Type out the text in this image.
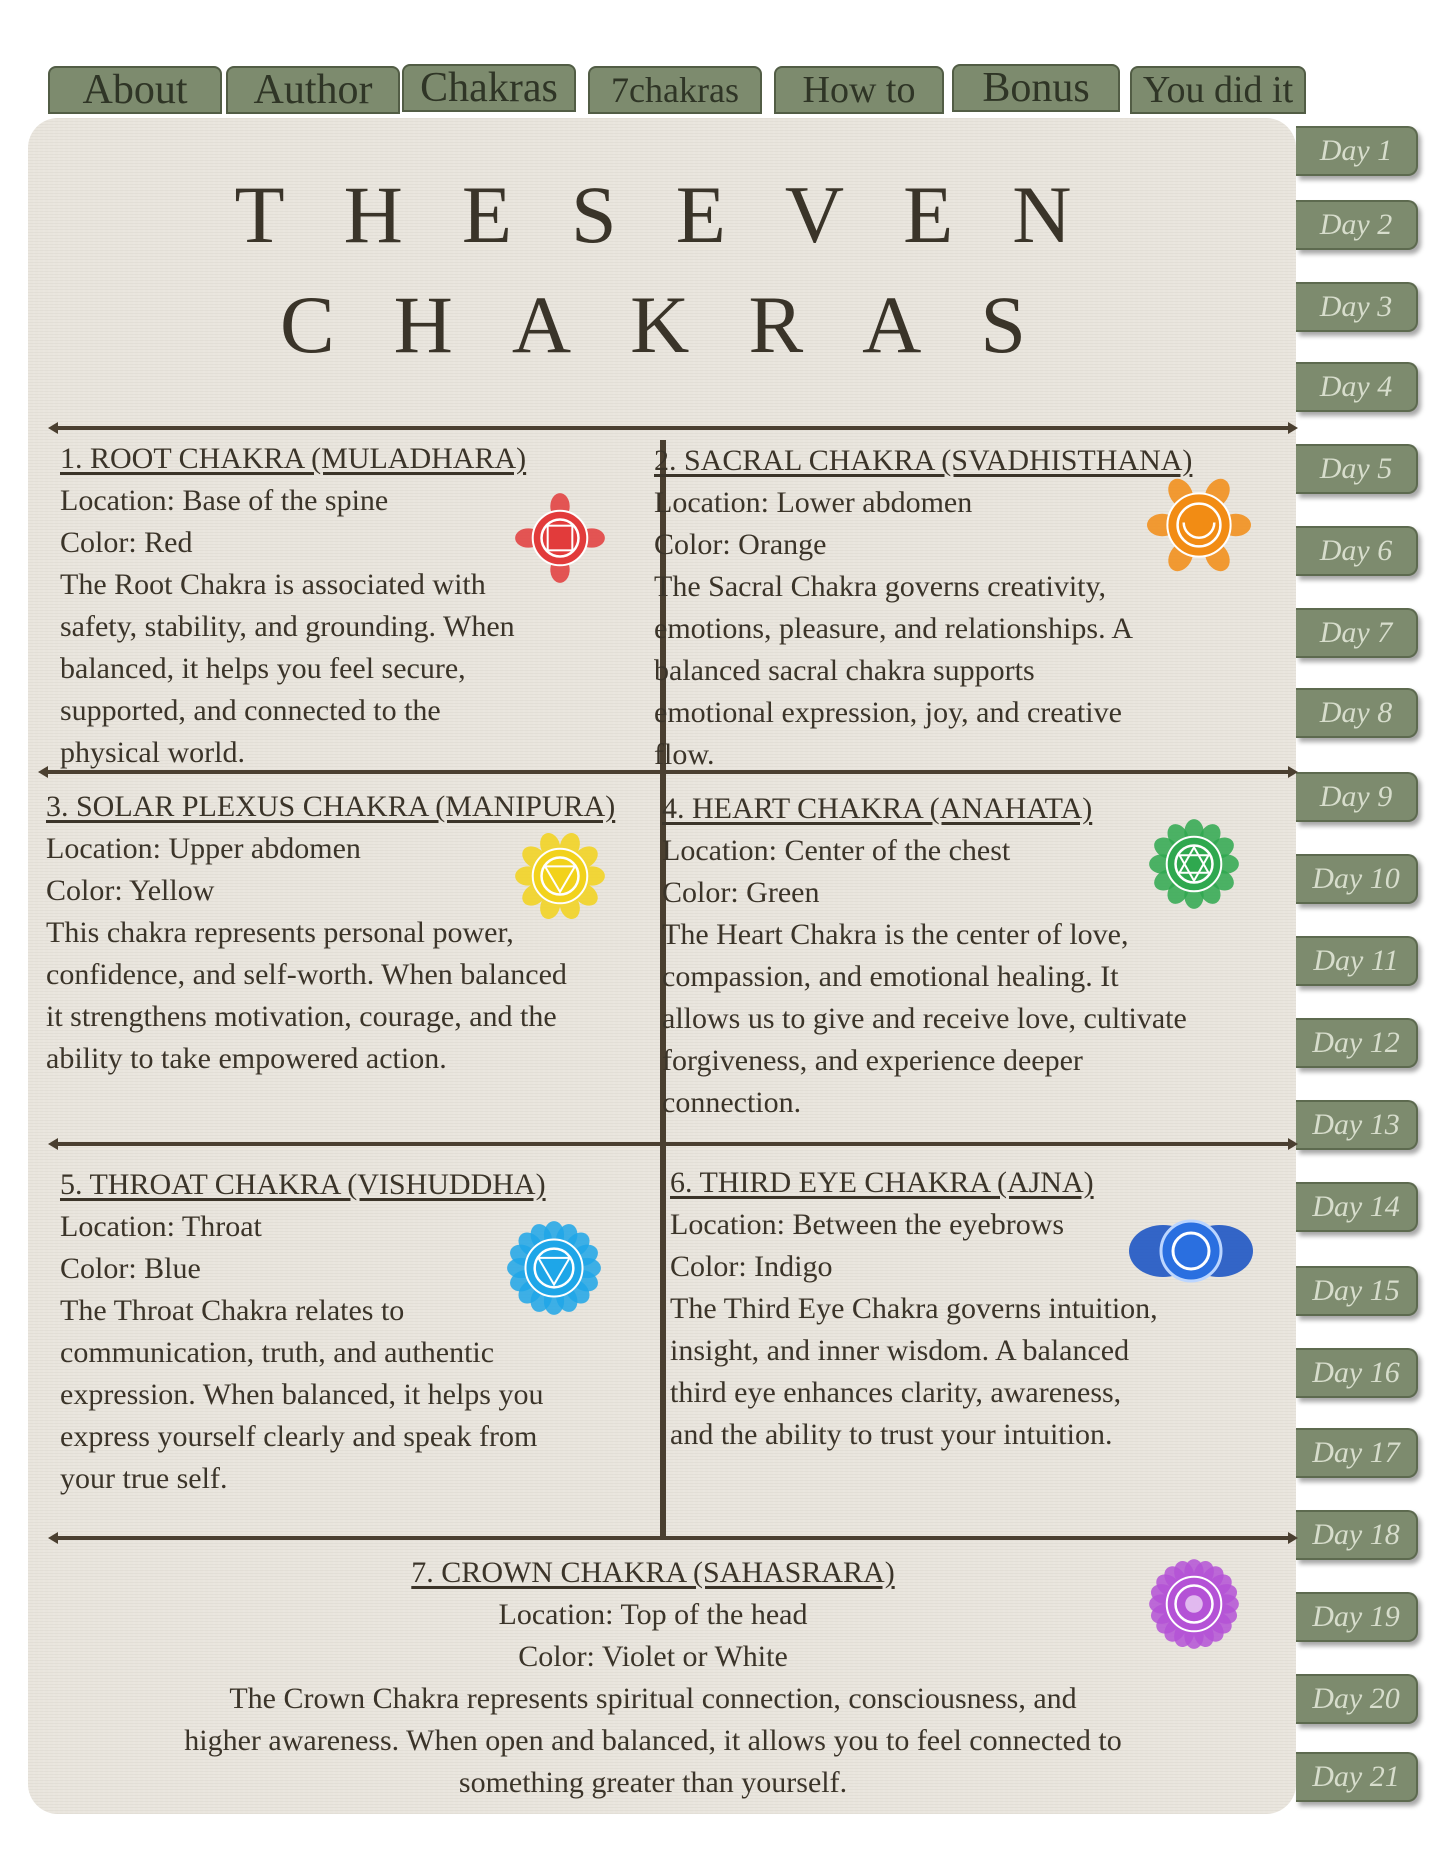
About	Author	Chakras	7chakras	How to	Bonus	You did it
Day 1
Day 2
Day 3
Day 4
Day 5
Day 6
Day 7
Day 8
Day 9
Day 10
Day 11
Day 12
Day 13
Day 14
Day 15
Day 16
Day 17
Day 18
Day 19
Day 20
Day 21
THESEVEN
CHAKRAS
1. ROOT CHAKRA (MULADHARA)
Location: Base of the spine
Color: Red
The Root Chakra is associated with
safety, stability, and grounding. When
balanced, it helps you feel secure,
supported, and connected to the
physical world.
2. SACRAL CHAKRA (SVADHISTHANA)
Location: Lower abdomen
Color: Orange
The Sacral Chakra governs creativity,
emotions, pleasure, and relationships. A
balanced sacral chakra supports
emotional expression, joy, and creative
flow.
3. SOLAR PLEXUS CHAKRA (MANIPURA)
Location: Upper abdomen
Color: Yellow
This chakra represents personal power,
confidence, and self-worth. When balanced
it strengthens motivation, courage, and the
ability to take empowered action.
4. HEART CHAKRA (ANAHATA)
Location: Center of the chest
Color: Green
The Heart Chakra is the center of love,
compassion, and emotional healing. It
allows us to give and receive love, cultivate
forgiveness, and experience deeper
connection.
5. THROAT CHAKRA (VISHUDDHA)
Location: Throat
Color: Blue
The Throat Chakra relates to
communication, truth, and authentic
expression. When balanced, it helps you
express yourself clearly and speak from
your true self.
6. THIRD EYE CHAKRA (AJNA)
Location: Between the eyebrows
Color: Indigo
The Third Eye Chakra governs intuition,
insight, and inner wisdom. A balanced
third eye enhances clarity, awareness,
and the ability to trust your intuition.
7. CROWN CHAKRA (SAHASRARA)
Location: Top of the head
Color: Violet or White
The Crown Chakra represents spiritual connection, consciousness, and
higher awareness. When open and balanced, it allows you to feel connected to
something greater than yourself.
